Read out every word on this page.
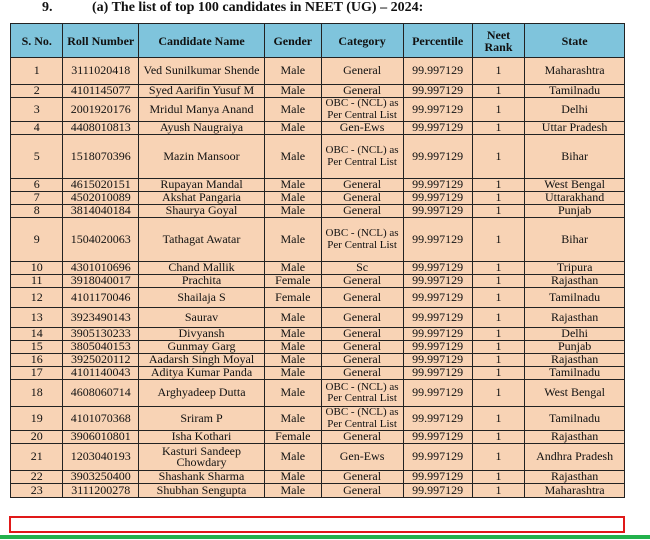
9.	(a) The list of top 100 candidates in NEET (UG) – 2024:
S. No.	Roll Number	Candidate Name	Gender	Category	Percentile	Neet Rank	State
1	3111020418	Ved Sunilkumar Shende	Male	General	99.997129	1	Maharashtra
2	4101145077	Syed Aarifin Yusuf M	Male	General	99.997129	1	Tamilnadu
3	2001920176	Mridul Manya Anand	Male	OBC - (NCL) as Per Central List	99.997129	1	Delhi
4	4408010813	Ayush Naugraiya	Male	Gen-Ews	99.997129	1	Uttar Pradesh
5	1518070396	Mazin Mansoor	Male	OBC - (NCL) as Per Central List	99.997129	1	Bihar
6	4615020151	Rupayan Mandal	Male	General	99.997129	1	West Bengal
7	4502010089	Akshat Pangaria	Male	General	99.997129	1	Uttarakhand
8	3814040184	Shaurya Goyal	Male	General	99.997129	1	Punjab
9	1504020063	Tathagat Awatar	Male	OBC - (NCL) as Per Central List	99.997129	1	Bihar
10	4301010696	Chand Mallik	Male	Sc	99.997129	1	Tripura
11	3918040017	Prachita	Female	General	99.997129	1	Rajasthan
12	4101170046	Shailaja S	Female	General	99.997129	1	Tamilnadu
13	3923490143	Saurav	Male	General	99.997129	1	Rajasthan
14	3905130233	Divyansh	Male	General	99.997129	1	Delhi
15	3805040153	Gunmay Garg	Male	General	99.997129	1	Punjab
16	3925020112	Aadarsh Singh Moyal	Male	General	99.997129	1	Rajasthan
17	4101140043	Aditya Kumar Panda	Male	General	99.997129	1	Tamilnadu
18	4608060714	Arghyadeep Dutta	Male	OBC - (NCL) as Per Central List	99.997129	1	West Bengal
19	4101070368	Sriram P	Male	OBC - (NCL) as Per Central List	99.997129	1	Tamilnadu
20	3906010801	Isha Kothari	Female	General	99.997129	1	Rajasthan
21	1203040193	Kasturi Sandeep Chowdary	Male	Gen-Ews	99.997129	1	Andhra Pradesh
22	3903250400	Shashank Sharma	Male	General	99.997129	1	Rajasthan
23	3111200278	Shubhan Sengupta	Male	General	99.997129	1	Maharashtra
